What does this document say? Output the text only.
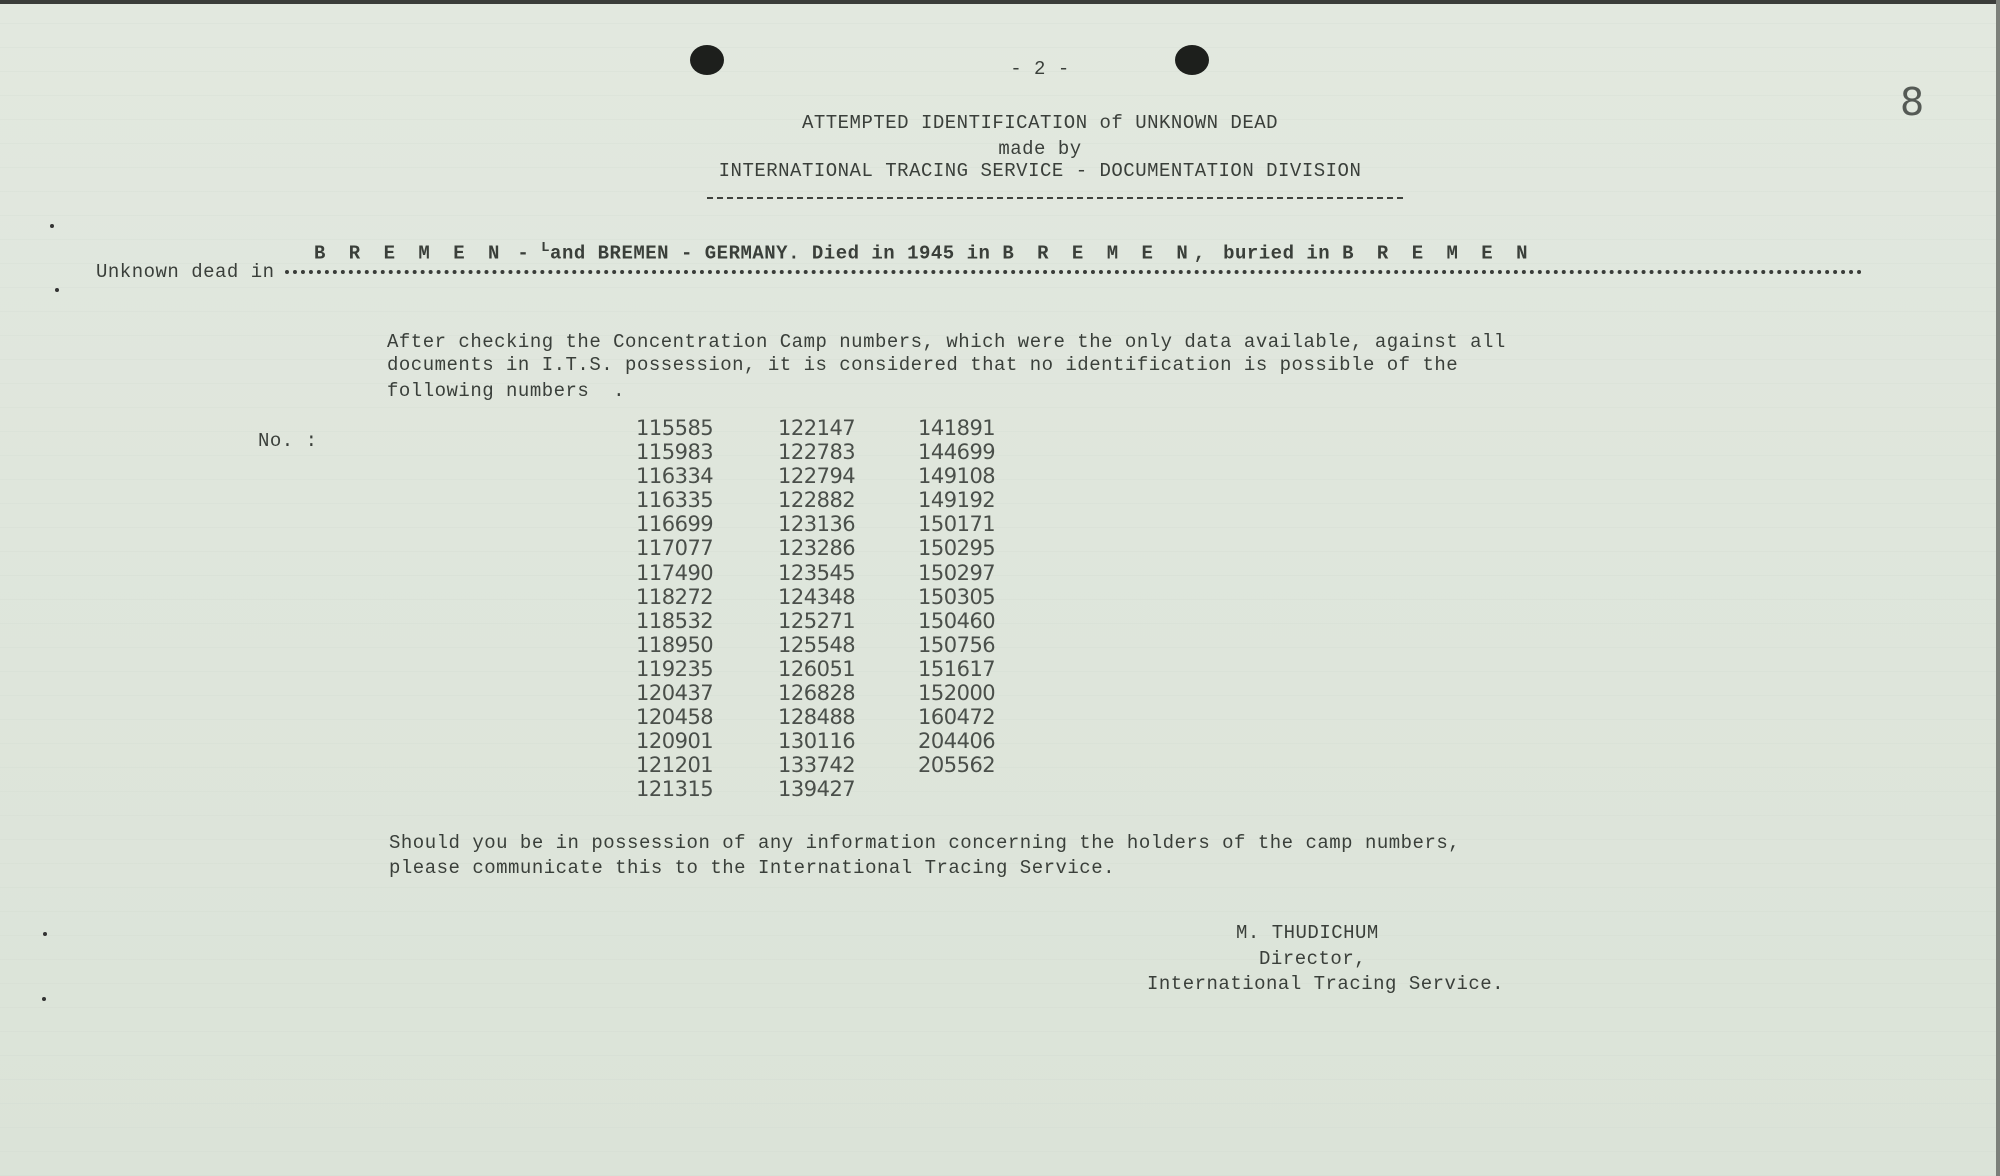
- 2 -
8
ATTEMPTED IDENTIFICATION of UNKNOWN DEAD
made by
INTERNATIONAL TRACING SERVICE - DOCUMENTATION DIVISION
B R E M E N - $^L$and BREMEN - GERMANY. Died in 1945 in B R E M E N, buried in B R E M E N
Unknown dead in
After checking the Concentration Camp numbers, which were the only data available, against all
documents in I.T.S. possession, it is considered that no identification is possible of the
following numbers  .
No. :
115585
115983
116334
116335
116699
117077
117490
118272
118532
118950
119235
120437
120458
120901
121201
121315
122147
122783
122794
122882
123136
123286
123545
124348
125271
125548
126051
126828
128488
130116
133742
139427
141891
144699
149108
149192
150171
150295
150297
150305
150460
150756
151617
152000
160472
204406
205562
Should you be in possession of any information concerning the holders of the camp numbers,
please communicate this to the International Tracing Service.
M. THUDICHUM
Director,
International Tracing Service.
